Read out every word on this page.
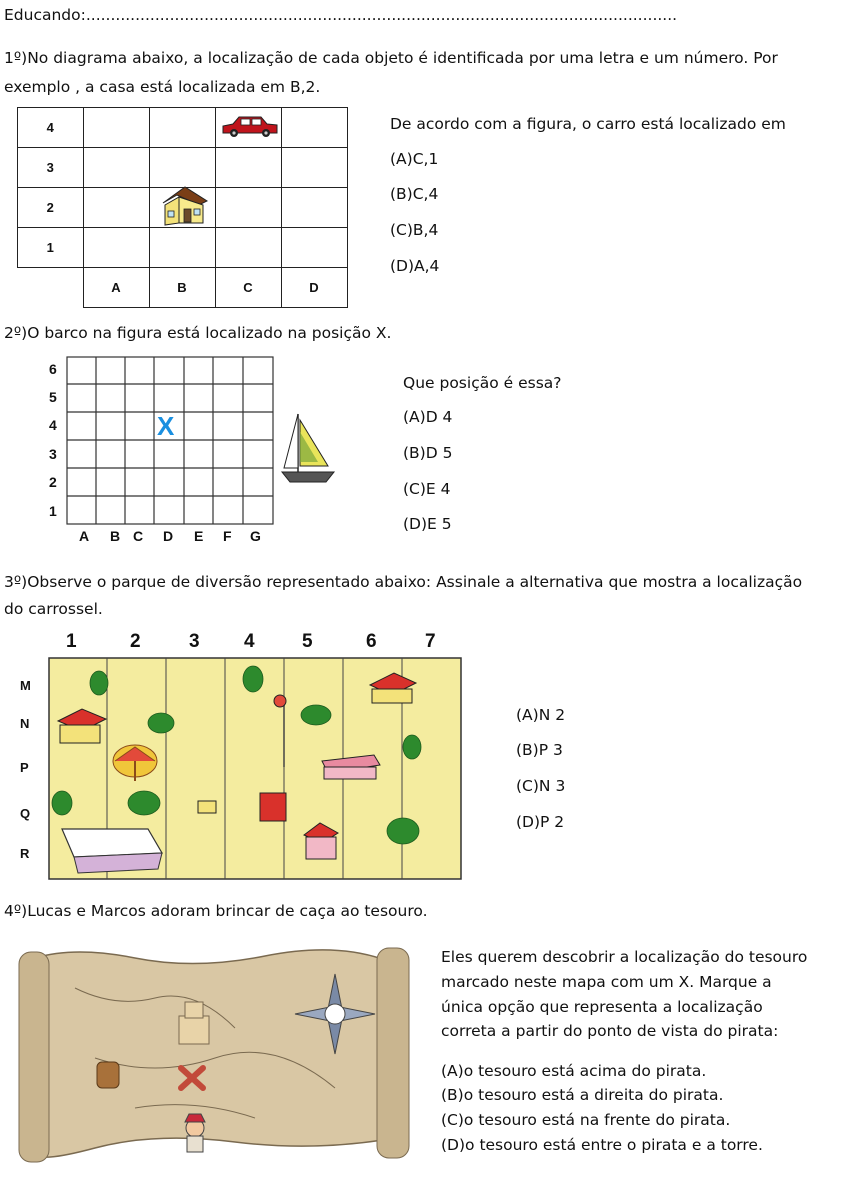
Educando:........................................................................................................................
1º)No diagrama abaixo, a localização de cada objeto é identificada por uma letra e um número. Por
exemplo , a casa está localizada em B,2.
4				
3				
2				
1				
	A	B	C	D
De acordo com a figura, o carro está localizado em
(A)C,1
(B)C,4
(C)B,4
(D)A,4
2º)O barco na figura está localizado na posição X.
6
5
4
3
2
1
A B C D E F G
X
Que posição é essa?
(A)D 4
(B)D 5
(C)E 4
(D)E 5
3º)Observe o parque de diversão representado abaixo: Assinale a alternativa que mostra a localização
do carrossel.
1	2	3 4 5	6	7
M
N
P
Q
R
(A)N 2
(B)P 3
(C)N 3
(D)P 2
4º)Lucas e Marcos adoram brincar de caça ao tesouro.
Eles querem descobrir a localização do tesouro
marcado neste mapa com um X. Marque a
única opção que representa a localização
correta a partir do ponto de vista do pirata:
(A)o tesouro está acima do pirata.
(B)o tesouro está a direita do pirata.
(C)o tesouro está na frente do pirata.
(D)o tesouro está entre o pirata e a torre.
